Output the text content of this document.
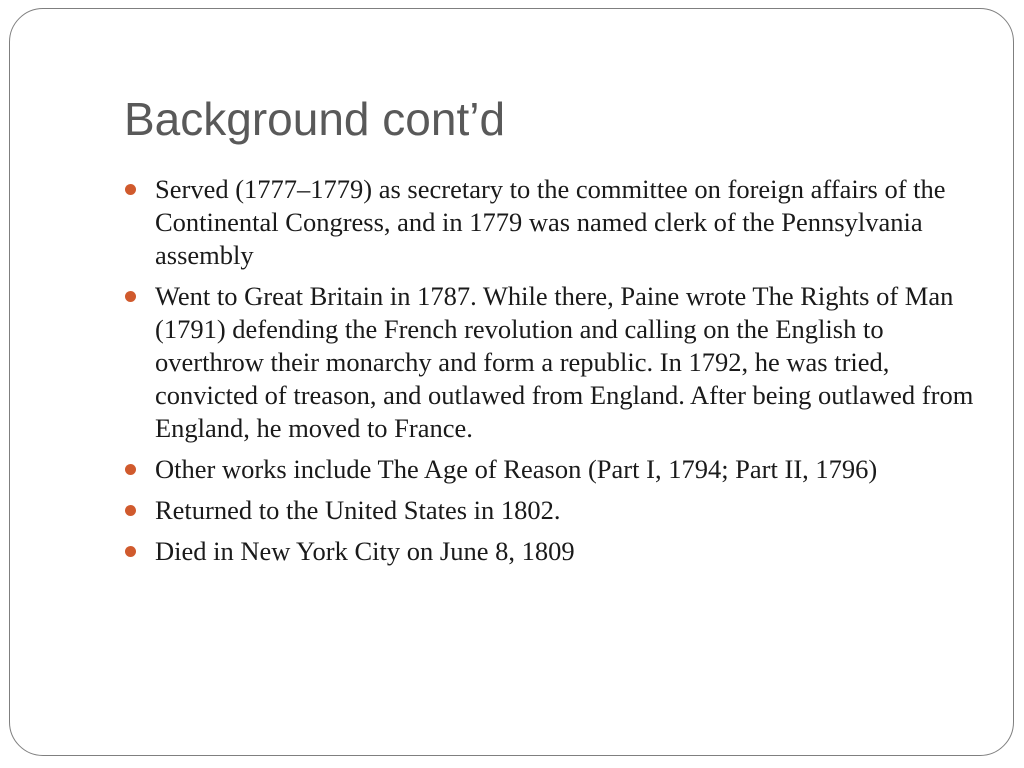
Background cont’d
Served (1777–1779) as secretary to the committee on foreign affairs of the Continental Congress, and in 1779 was named clerk of the Pennsylvania assembly
Went to Great Britain in 1787. While there, Paine wrote The Rights of Man (1791) defending the French revolution and calling on the English to overthrow their monarchy and form a republic. In 1792, he was tried, convicted of treason, and outlawed from England. After being outlawed from England, he moved to France.
Other works include The Age of Reason (Part I, 1794; Part II, 1796)
Returned to the United States in 1802.
Died in New York City on June 8, 1809
